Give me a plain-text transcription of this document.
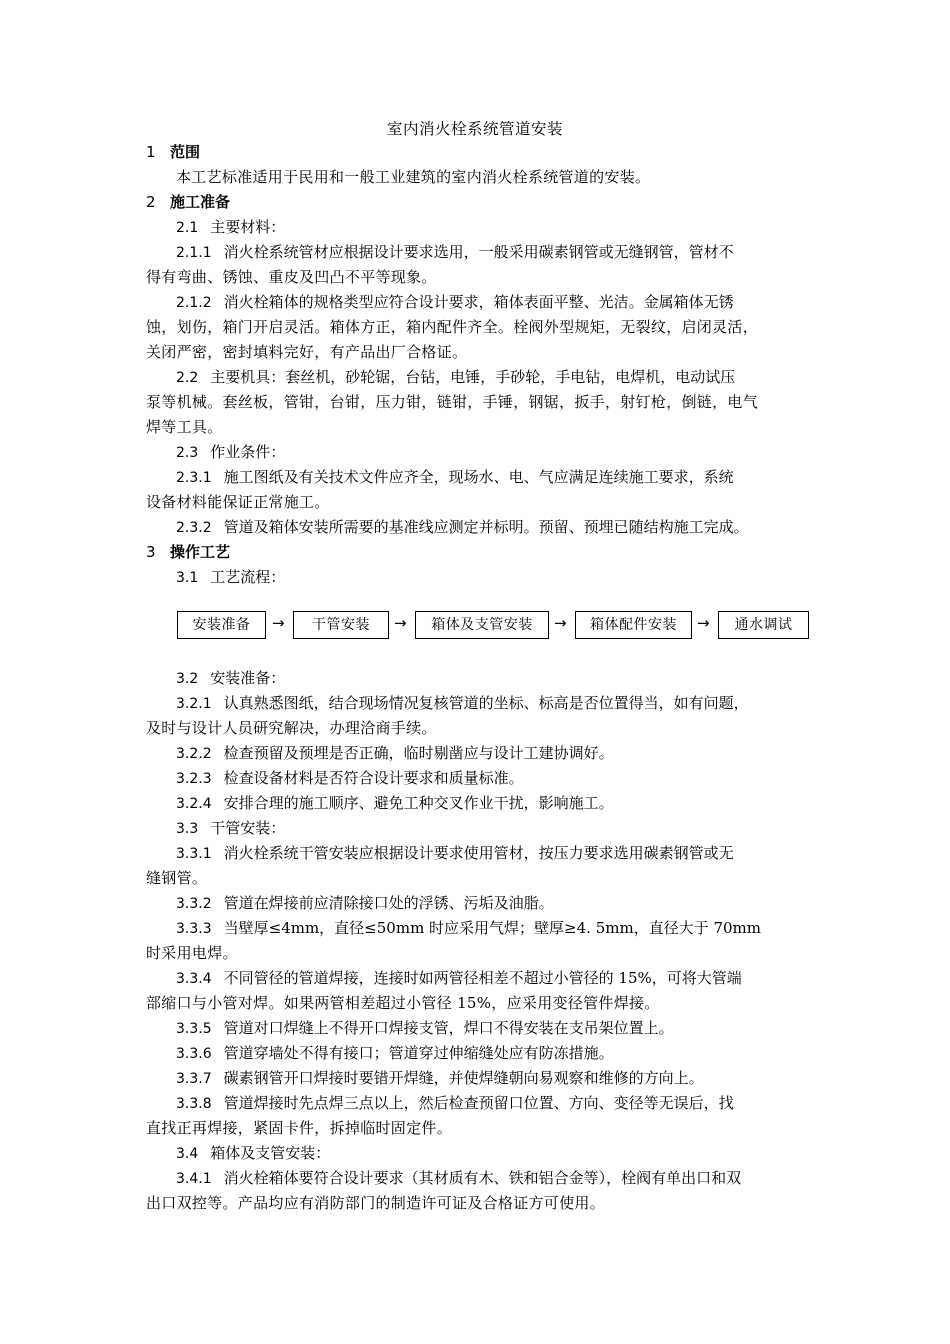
室内消火栓系统管道安装
1 范围
本工艺标准适用于民用和一般工业建筑的室内消火栓系统管道的安装。
2 施工准备
2.1 主要材料：
2.1.1 消火栓系统管材应根据设计要求选用，一般采用碳素钢管或无缝钢管，管材不
得有弯曲、锈蚀、重皮及凹凸不平等现象。
2.1.2 消火栓箱体的规格类型应符合设计要求，箱体表面平整、光洁。金属箱体无锈
蚀，划伤，箱门开启灵活。箱体方正，箱内配件齐全。栓阀外型规矩，无裂纹，启闭灵活，
关闭严密，密封填料完好，有产品出厂合格证。
2.2 主要机具：套丝机，砂轮锯，台钻，电锤，手砂轮，手电钻，电焊机，电动试压
泵等机械。套丝板，管钳，台钳，压力钳，链钳，手锤，钢锯，扳手，射钉枪，倒链，电气
焊等工具。
2.3 作业条件：
2.3.1 施工图纸及有关技术文件应齐全，现场水、电、气应满足连续施工要求，系统
设备材料能保证正常施工。
2.3.2 管道及箱体安装所需要的基准线应测定并标明。预留、预埋已随结构施工完成。
3 操作工艺
3.1 工艺流程：
安装准备	→	干管安装	→	箱体及支管安装	→	箱体配件安装	→	通水调试
3.2 安装准备：
3.2.1 认真熟悉图纸，结合现场情况复核管道的坐标、标高是否位置得当，如有问题，
及时与设计人员研究解决，办理洽商手续。
3.2.2 检查预留及预埋是否正确，临时剔凿应与设计工建协调好。
3.2.3 检查设备材料是否符合设计要求和质量标准。
3.2.4 安排合理的施工顺序、避免工种交叉作业干扰，影响施工。
3.3 干管安装：
3.3.1 消火栓系统干管安装应根据设计要求使用管材，按压力要求选用碳素钢管或无
缝钢管。
3.3.2 管道在焊接前应清除接口处的浮锈、污垢及油脂。
3.3.3 当壁厚≤4mm，直径≤50mm 时应采用气焊；壁厚≥4. 5mm，直径大于 70mm
时采用电焊。
3.3.4 不同管径的管道焊接，连接时如两管径相差不超过小管径的 15%，可将大管端
部缩口与小管对焊。如果两管相差超过小管径 15%，应采用变径管件焊接。
3.3.5 管道对口焊缝上不得开口焊接支管，焊口不得安装在支吊架位置上。
3.3.6 管道穿墙处不得有接口；管道穿过伸缩缝处应有防冻措施。
3.3.7 碳素钢管开口焊接时要错开焊缝，并使焊缝朝向易观察和维修的方向上。
3.3.8 管道焊接时先点焊三点以上，然后检查预留口位置、方向、变径等无误后，找
直找正再焊接，紧固卡件，拆掉临时固定件。
3.4 箱体及支管安装：
3.4.1 消火栓箱体要符合设计要求（其材质有木、铁和铝合金等），栓阀有单出口和双
出口双控等。产品均应有消防部门的制造许可证及合格证方可使用。
